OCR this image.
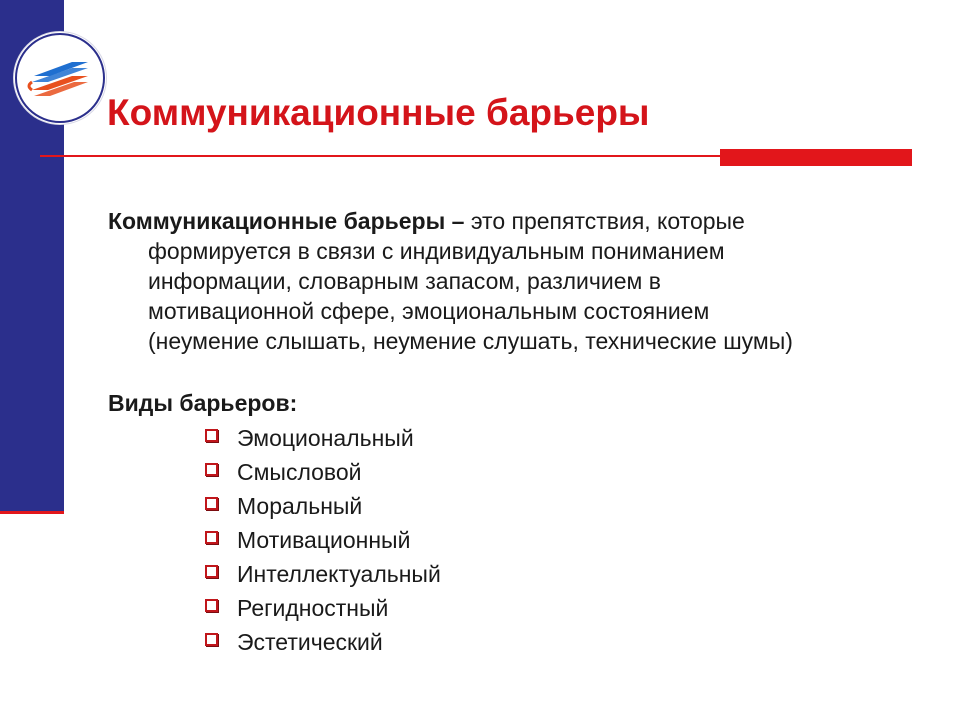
Коммуникационные барьеры

Коммуникационные барьеры – это препятствия, которые
формируется в связи с индивидуальным пониманием
информации, словарным запасом, различием в
мотивационной сфере, эмоциональным состоянием
(неумение слышать, неумение слушать, технические шумы)

Виды барьеров:
Эмоциональный
Смысловой
Моральный
Мотивационный
Интеллектуальный
Регидностный
Эстетический
